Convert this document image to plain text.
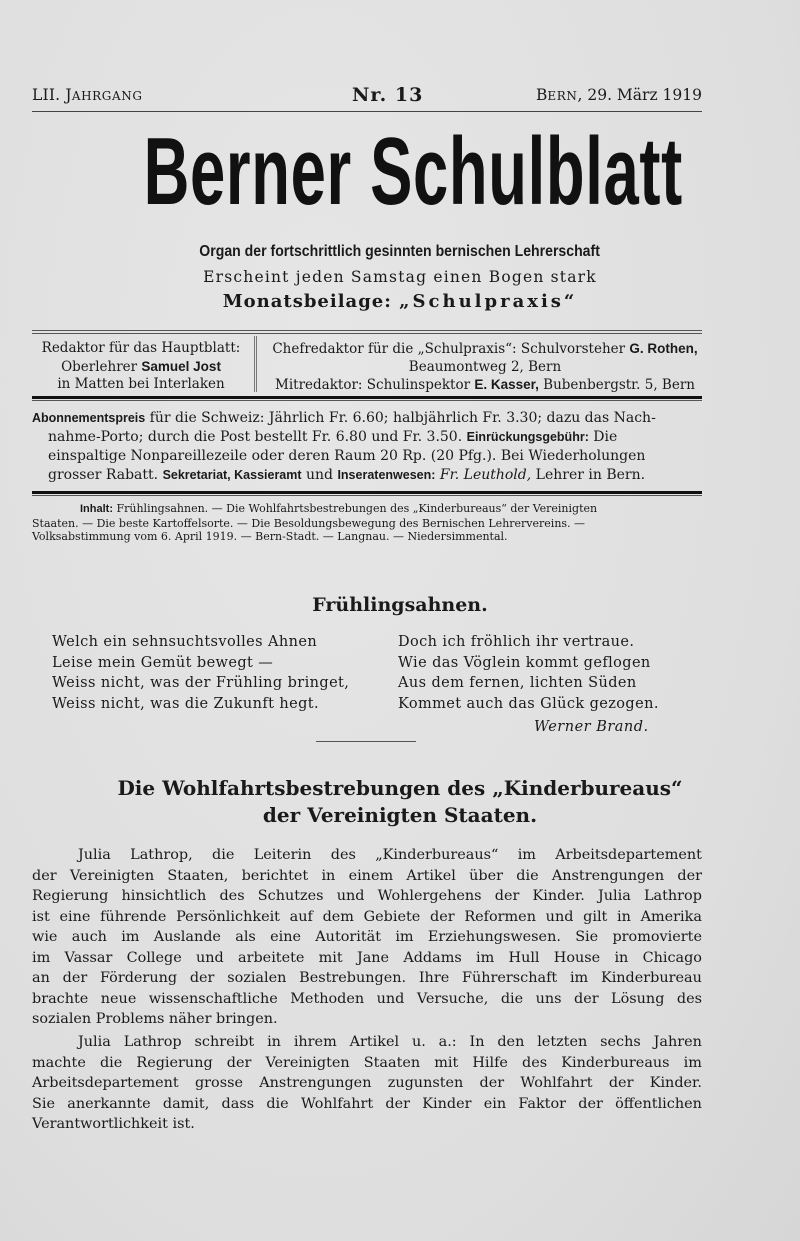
LII. JAHRGANG	Nr. 13	BERN, 29. März 1919
Berner Schulblatt
Organ der fortschrittlich gesinnten bernischen Lehrerschaft
Erscheint jeden Samstag einen Bogen stark
Monatsbeilage: „Schulpraxis“
Redaktor für das Hauptblatt:
Oberlehrer Samuel Jost
in Matten bei Interlaken
Chefredaktor für die „Schulpraxis“: Schulvorsteher G. Rothen,
Beaumontweg 2, Bern
Mitredaktor: Schulinspektor E. Kasser, Bubenbergstr. 5, Bern
Abonnementspreis für die Schweiz: Jährlich Fr. 6.60; halbjährlich Fr. 3.30; dazu das Nach-
nahme-Porto; durch die Post bestellt Fr. 6.80 und Fr. 3.50. Einrückungsgebühr: Die
einspaltige Nonpareillezeile oder deren Raum 20 Rp. (20 Pfg.). Bei Wiederholungen
grosser Rabatt. Sekretariat, Kassieramt und Inseratenwesen: Fr. Leuthold, Lehrer in Bern.
Inhalt: Frühlingsahnen. — Die Wohlfahrtsbestrebungen des „Kinderbureaus“ der Vereinigten
Staaten. — Die beste Kartoffelsorte. — Die Besoldungsbewegung des Bernischen Lehrervereins. —
Volksabstimmung vom 6. April 1919. — Bern-Stadt. — Langnau. — Niedersimmental.
Frühlingsahnen.
Welch ein sehnsuchtsvolles Ahnen
Leise mein Gemüt bewegt —
Weiss nicht, was der Frühling bringet,
Weiss nicht, was die Zukunft hegt.
Doch ich fröhlich ihr vertraue.
Wie das Vöglein kommt geflogen
Aus dem fernen, lichten Süden
Kommet auch das Glück gezogen.
Werner Brand.
Die Wohlfahrtsbestrebungen des „Kinderbureaus“
der Vereinigten Staaten.
Julia Lathrop, die Leiterin des „Kinderbureaus“ im Arbeitsdepartement
der Vereinigten Staaten, berichtet in einem Artikel über die Anstrengungen der
Regierung hinsichtlich des Schutzes und Wohlergehens der Kinder. Julia Lathrop
ist eine führende Persönlichkeit auf dem Gebiete der Reformen und gilt in Amerika
wie auch im Auslande als eine Autorität im Erziehungswesen. Sie promovierte
im Vassar College und arbeitete mit Jane Addams im Hull House in Chicago
an der Förderung der sozialen Bestrebungen. Ihre Führerschaft im Kinderbureau
brachte neue wissenschaftliche Methoden und Versuche, die uns der Lösung des
sozialen Problems näher bringen.
Julia Lathrop schreibt in ihrem Artikel u. a.: In den letzten sechs Jahren
machte die Regierung der Vereinigten Staaten mit Hilfe des Kinderbureaus im
Arbeitsdepartement grosse Anstrengungen zugunsten der Wohlfahrt der Kinder.
Sie anerkannte damit, dass die Wohlfahrt der Kinder ein Faktor der öffentlichen
Verantwortlichkeit ist.
